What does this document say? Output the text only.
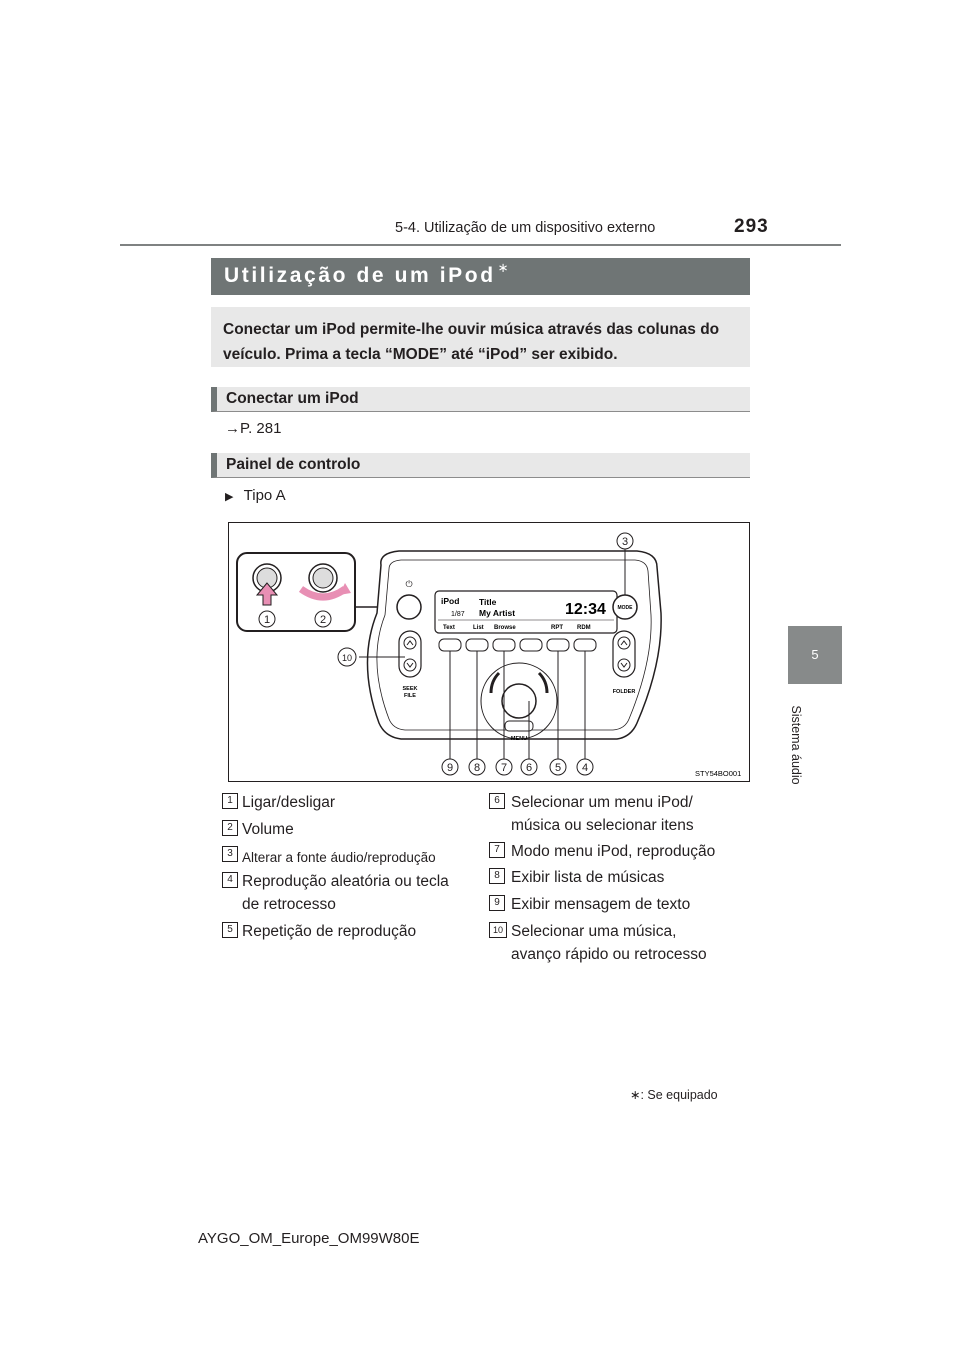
5-4. Utilização de um dispositivo externo	293
5
Sistema áudio
Utilização de um iPod ∗

Conectar um iPod permite-lhe ouvir música através das colunas do veículo. Prima a tecla “MODE” até “iPod” ser exibido.

Conectar um iPod
→P. 281
Painel de controlo
▶ Tipo A
⏻
iPod
1/87
Title
My Artist	12:34
Text	List Browse	RPT RDM
MODE
SEEK
FILE
FOLDER
MENU
1	2
3
4
5
6
7
8
9
10
STY54BO001
1 Ligar/desligar
2 Volume
3 Alterar a fonte áudio/reprodução
4 Reprodução aleatória ou tecla
de retrocesso
5 Repetição de reprodução
6 Selecionar um menu iPod/
música ou selecionar itens
7 Modo menu iPod, reprodução
8 Exibir lista de músicas
9 Exibir mensagem de texto
10 Selecionar uma música,
avanço rápido ou retrocesso
∗: Se equipado
AYGO_OM_Europe_OM99W80E
